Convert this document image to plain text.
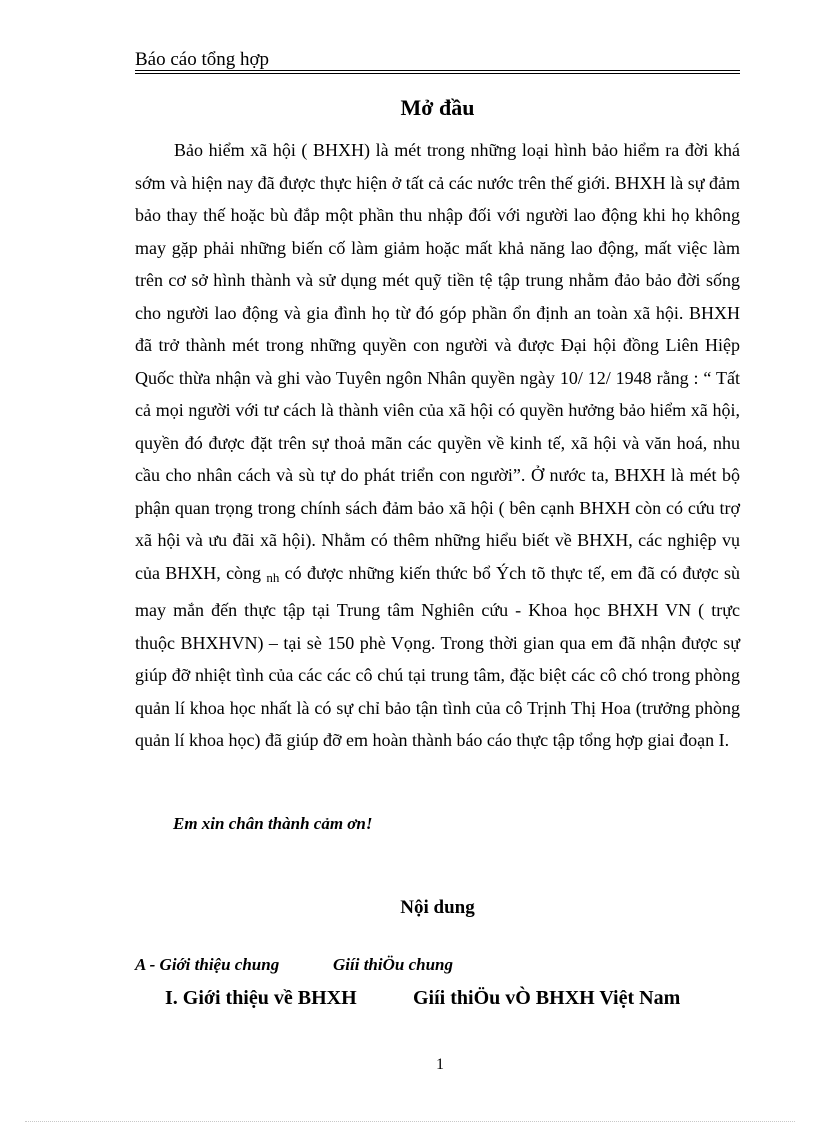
Báo cáo tổng hợp
Mở đầu
Bảo hiểm xã hội ( BHXH) là mét trong những loại hình bảo hiểm ra đời khá sớm và hiện nay đã được thực hiện ở tất cả các nước trên thế giới. BHXH là sự đảm bảo thay thế hoặc bù đắp một phần thu nhập đối với người lao động khi họ không may gặp phải những biến cố làm giảm hoặc mất khả năng lao động, mất việc làm trên cơ sở hình thành và sử dụng mét quỹ tiền tệ tập trung nhằm đảo bảo đời sống cho người lao động và gia đình họ từ đó góp phần ổn định an toàn xã hội. BHXH đã trở thành mét trong những quyền con người và được Đại hội đồng Liên Hiệp Quốc thừa nhận và ghi vào Tuyên ngôn Nhân quyền ngày 10/ 12/ 1948 rằng : “ Tất cả mọi người với tư cách là thành viên của xã hội có quyền hưởng bảo hiểm xã hội, quyền đó được đặt trên sự thoả mãn các quyền về kinh tế, xã hội và văn hoá, nhu cầu cho nhân cách và sù tự do phát triển con người”. Ở nước ta, BHXH là mét bộ phận quan trọng trong chính sách đảm bảo xã hội ( bên cạnh BHXH còn có cứu trợ xã hội và ưu đãi xã hội). Nhằm có thêm những hiểu biết về BHXH, các nghiệp vụ của BHXH, còng $_{nh}$ có được những kiến thức bổ Ých tõ thực tế, em đã có được sù may mắn đến thực tập tại Trung tâm Nghiên cứu - Khoa học BHXH VN ( trực thuộc BHXHVN) – tại sè 150 phè Vọng. Trong thời gian qua em đã nhận được sự giúp đỡ nhiệt tình của các các cô chú tại trung tâm, đặc biệt các cô chó trong phòng quản lí khoa học nhất là có sự chỉ bảo tận tình của cô Trịnh Thị Hoa (trưởng phòng quản lí khoa học) đã giúp đỡ em hoàn thành báo cáo thực tập tổng hợp giai đoạn I.
Em xin chân thành cảm ơn!
Nội dung
A - Giới thiệu chung	Giíi thiÖu chung
I. Giới thiệu về BHXH	Giíi thiÖu vÒ BHXH Việt Nam
1
